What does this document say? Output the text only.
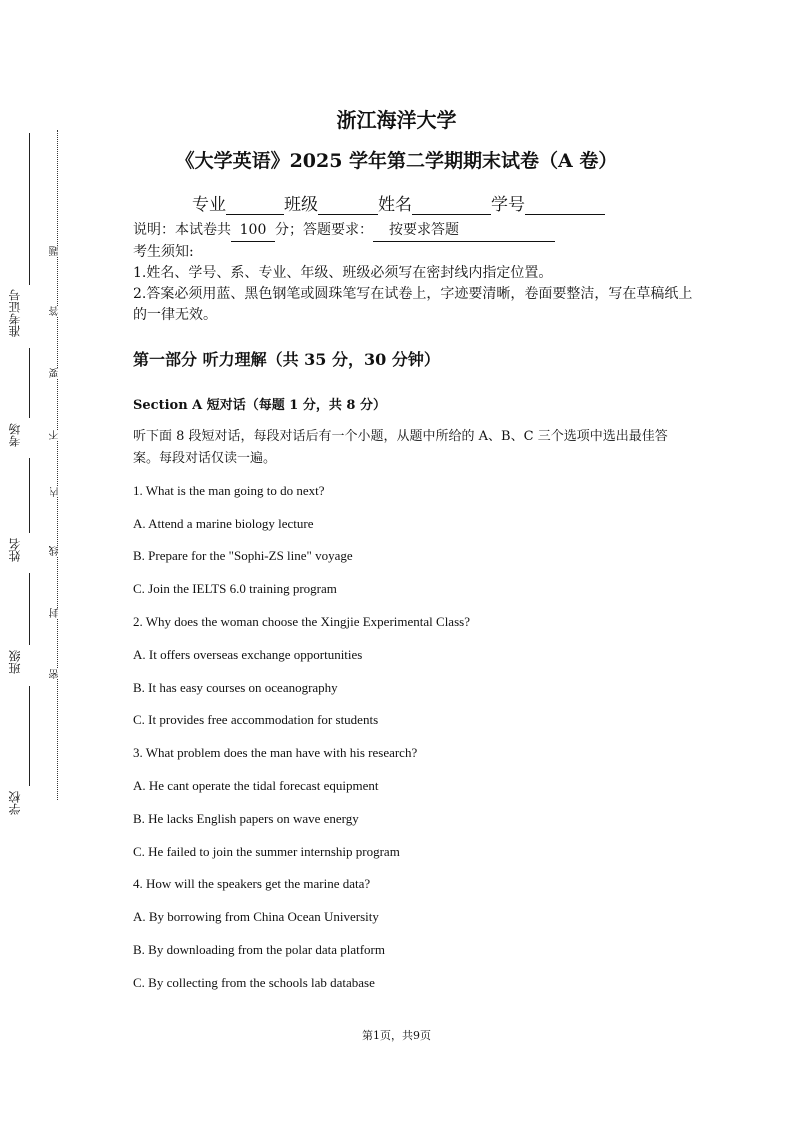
准考证号
考场
姓名
班级
学校
题
答
要
不
内
线
封
密
浙江海洋大学
《大学英语》2025 学年第二学期期末试卷（A 卷）
专业	班级	姓名	学号

说明：本试卷共 100 分；答题要求： 按要求答题

考生须知:

1.姓名、学号、系、专业、年级、班级必须写在密封线内指定位置。

2.答案必须用蓝、黑色钢笔或圆珠笔写在试卷上，字迹要清晰，卷面要整洁，写在草稿纸上的一律无效。

第一部分 听力理解（共 35 分，30 分钟）
Section A 短对话（每题 1 分，共 8 分）
听下面 8 段短对话，每段对话后有一个小题，从题中所给的 A、B、C 三个选项中选出最佳答案。每段对话仅读一遍。
1. What is the man going to do next?
A. Attend a marine biology lecture
B. Prepare for the "Sophi-ZS line" voyage
C. Join the IELTS 6.0 training program
2. Why does the woman choose the Xingjie Experimental Class?
A. It offers overseas exchange opportunities
B. It has easy courses on oceanography
C. It provides free accommodation for students
3. What problem does the man have with his research?
A. He cant operate the tidal forecast equipment
B. He lacks English papers on wave energy
C. He failed to join the summer internship program
4. How will the speakers get the marine data?
A. By borrowing from China Ocean University
B. By downloading from the polar data platform
C. By collecting from the schools lab database
第1页，共9页
